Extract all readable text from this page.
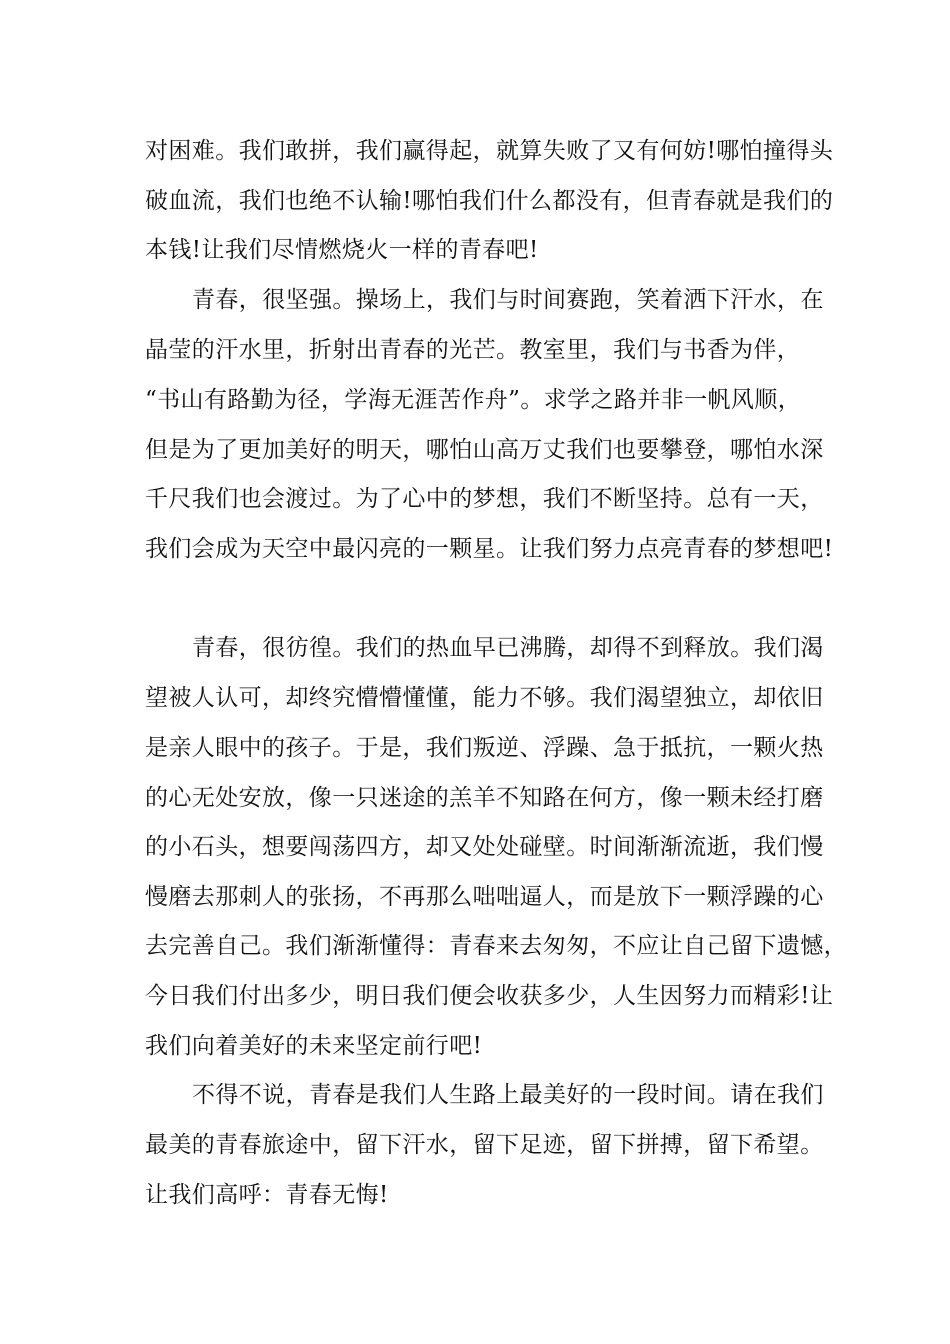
对困难。我们敢拼，我们赢得起，就算失败了又有何妨!哪怕撞得头
破血流，我们也绝不认输!哪怕我们什么都没有，但青春就是我们的
本钱!让我们尽情燃烧火一样的青春吧!
青春，很坚强。操场上，我们与时间赛跑，笑着洒下汗水，在
晶莹的汗水里，折射出青春的光芒。教室里，我们与书香为伴，
“书山有路勤为径，学海无涯苦作舟”。求学之路并非一帆风顺，
但是为了更加美好的明天，哪怕山高万丈我们也要攀登，哪怕水深
千尺我们也会渡过。为了心中的梦想，我们不断坚持。总有一天，
我们会成为天空中最闪亮的一颗星。让我们努力点亮青春的梦想吧!
青春，很彷徨。我们的热血早已沸腾，却得不到释放。我们渴
望被人认可，却终究懵懵懂懂，能力不够。我们渴望独立，却依旧
是亲人眼中的孩子。于是，我们叛逆、浮躁、急于抵抗，一颗火热
的心无处安放，像一只迷途的羔羊不知路在何方，像一颗未经打磨
的小石头，想要闯荡四方，却又处处碰壁。时间渐渐流逝，我们慢
慢磨去那刺人的张扬，不再那么咄咄逼人，而是放下一颗浮躁的心
去完善自己。我们渐渐懂得：青春来去匆匆，不应让自己留下遗憾，
今日我们付出多少，明日我们便会收获多少，人生因努力而精彩!让
我们向着美好的未来坚定前行吧!
不得不说，青春是我们人生路上最美好的一段时间。请在我们
最美的青春旅途中，留下汗水，留下足迹，留下拼搏，留下希望。
让我们高呼：青春无悔!
